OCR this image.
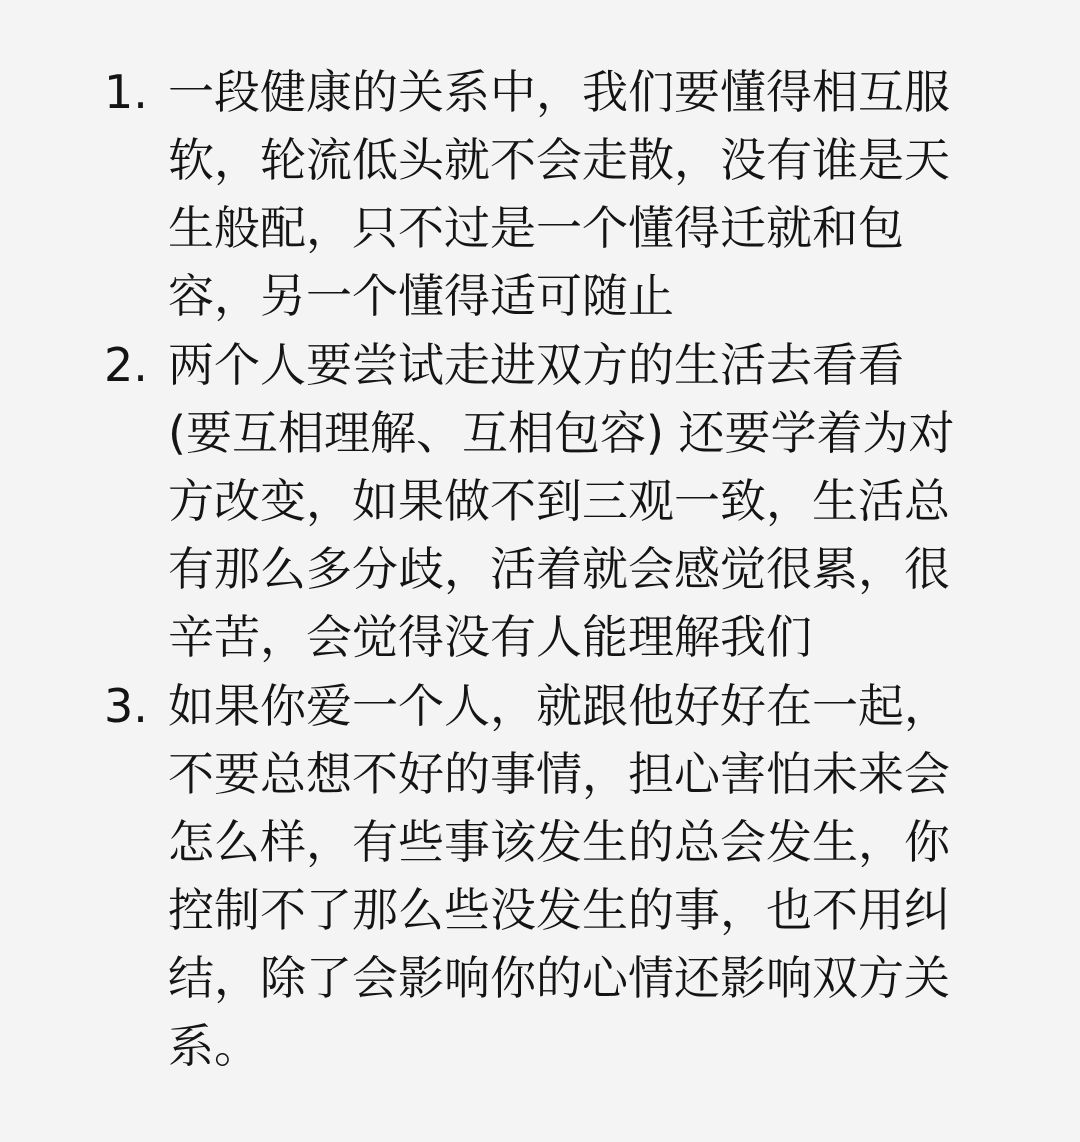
1. 一段健康的关系中，我们要懂得相互服
软，轮流低头就不会走散，没有谁是天
生般配，只不过是一个懂得迁就和包
容，另一个懂得适可随止
2. 两个人要尝试走进双方的生活去看看
(要互相理解、互相包容) 还要学着为对
方改变，如果做不到三观一致，生活总
有那么多分歧，活着就会感觉很累，很
辛苦，会觉得没有人能理解我们
3. 如果你爱一个人，就跟他好好在一起，
不要总想不好的事情，担心害怕未来会
怎么样，有些事该发生的总会发生，你
控制不了那么些没发生的事，也不用纠
结，除了会影响你的心情还影响双方关
系。
